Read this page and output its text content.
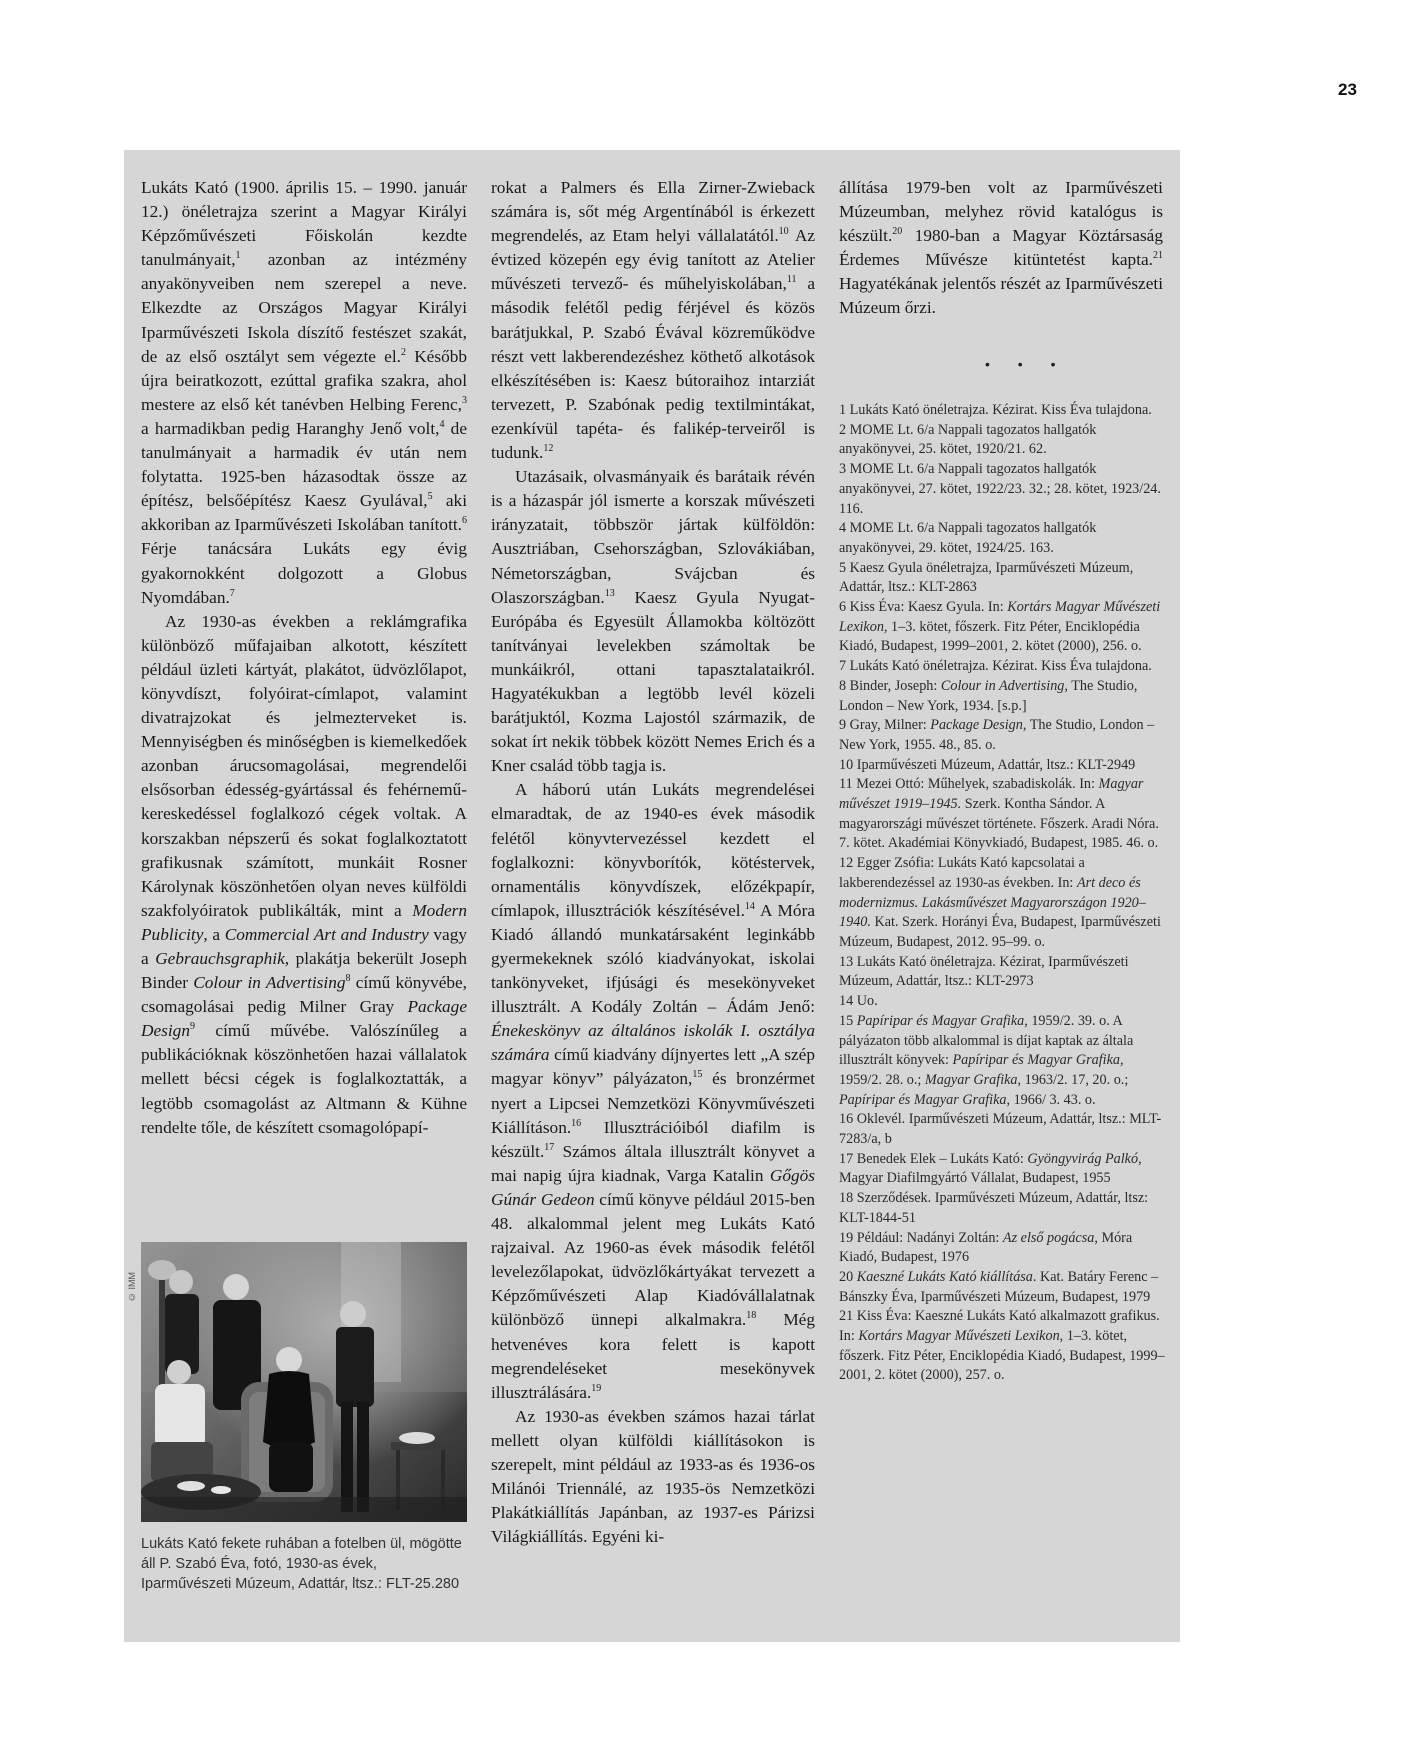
23

Lukáts Kató (1900. április 15. – 1990. január 12.) önéletrajza szerint a Magyar Királyi Képzőművészeti Főiskolán kezdte tanulmányait,$^1$ azonban az intézmény anyakönyveiben nem szerepel a neve. Elkezdte az Országos Magyar Királyi Iparművészeti Iskola díszítő festészet szakát, de az első osztályt sem végezte el.$^2$ Később újra beiratkozott, ezúttal grafika szakra, ahol mestere az első két tanévben Helbing Ferenc,$^3$ a harmadikban pedig Haranghy Jenő volt,$^4$ de tanulmányait a harmadik év után nem folytatta. 1925-ben házasodtak össze az építész, belsőépítész Kaesz Gyulával,$^5$ aki akkoriban az Iparművészeti Iskolában tanított.$^6$ Férje tanácsára Lukáts egy évig gyakornokként dolgozott a Globus Nyomdában.$^7$

Az 1930-as években a reklámgrafika különböző műfajaiban alkotott, készített például üzleti kártyát, plakátot, üdvözlőlapot, könyvdíszt, folyóirat-címlapot, valamint divatrajzokat és jelmezterveket is. Mennyiségben és minőségben is kiemelkedőek azonban árucsomagolásai, megrendelői elsősorban édesség-gyártással és fehérnemű-kereskedéssel foglalkozó cégek voltak. A korszakban népszerű és sokat foglalkoztatott grafikusnak számított, munkáit Rosner Károlynak köszönhetően olyan neves külföldi szakfolyóiratok publikálták, mint a Modern Publicity, a Commercial Art and Industry vagy a Gebrauchsgraphik, plakátja bekerült Joseph Binder Colour in Advertising$^8$ című könyvébe, csomagolásai pedig Milner Gray Package Design$^9$ című művébe. Valószínűleg a publikációknak köszönhetően hazai vállalatok mellett bécsi cégek is foglalkoztatták, a legtöbb csomagolást az Altmann & Kühne rendelte tőle, de készített csomagolópapí-

rokat a Palmers és Ella Zirner-Zwieback számára is, sőt még Argentínából is érkezett megrendelés, az Etam helyi vállalatától.$^{10}$ Az évtized közepén egy évig tanított az Atelier művészeti tervező- és műhelyiskolában,$^{11}$ a második felétől pedig férjével és közös barátjukkal, P. Szabó Évával közreműködve részt vett lakberendezéshez köthető alkotások elkészítésében is: Kaesz bútoraihoz intarziát tervezett, P. Szabónak pedig textilmintákat, ezenkívül tapéta- és falikép-terveiről is tudunk.$^{12}$

Utazásaik, olvasmányaik és barátaik révén is a házaspár jól ismerte a korszak művészeti irányzatait, többször jártak külföldön: Ausztriában, Csehországban, Szlovákiában, Németországban, Svájcban és Olaszországban.$^{13}$ Kaesz Gyula Nyugat-Európába és Egyesült Államokba költözött tanítványai levelekben számoltak be munkáikról, ottani tapasztalataikról. Hagyatékukban a legtöbb levél közeli barátjuktól, Kozma Lajostól származik, de sokat írt nekik többek között Nemes Erich és a Kner család több tagja is.

A háború után Lukáts megrendelései elmaradtak, de az 1940-es évek második felétől könyvtervezéssel kezdett el foglalkozni: könyvborítók, kötéstervek, ornamentális könyvdíszek, előzékpapír, címlapok, illusztrációk készítésével.$^{14}$ A Móra Kiadó állandó munkatársaként leginkább gyermekeknek szóló kiadványokat, iskolai tankönyveket, ifjúsági és mesekönyveket illusztrált. A Kodály Zoltán – Ádám Jenő: Énekeskönyv az általános iskolák I. osztálya számára című kiadvány díjnyertes lett „A szép magyar könyv” pályázaton,$^{15}$ és bronzérmet nyert a Lipcsei Nemzetközi Könyvművészeti Kiállításon.$^{16}$ Illusztrációiból diafilm is készült.$^{17}$ Számos általa illusztrált könyvet a mai napig újra kiadnak, Varga Katalin Gőgös Gúnár Gedeon című könyve például 2015-ben 48. alkalommal jelent meg Lukáts Kató rajzaival. Az 1960-as évek második felétől levelezőlapokat, üdvözlőkártyákat tervezett a Képzőművészeti Alap Kiadóvállalatnak különböző ünnepi alkalmakra.$^{18}$ Még hetvenéves kora felett is kapott megrendeléseket mesekönyvek illusztrálására.$^{19}$

Az 1930-as években számos hazai tárlat mellett olyan külföldi kiállításokon is szerepelt, mint például az 1933-as és 1936-os Milánói Triennálé, az 1935-ös Nemzetközi Plakátkiállítás Japánban, az 1937-es Párizsi Világkiállítás. Egyéni ki-

állítása 1979-ben volt az Iparművészeti Múzeumban, melyhez rövid katalógus is készült.$^{20}$ 1980-ban a Magyar Köztársaság Érdemes Művésze kitüntetést kapta.$^{21}$ Hagyatékának jelentős részét az Iparművészeti Múzeum őrzi.

• • •
1 Lukáts Kató önéletrajza. Kézirat. Kiss Éva tulajdona.
2 MOME Lt. 6/a Nappali tagozatos hallgatók anyakönyvei, 25. kötet, 1920/21. 62.
3 MOME Lt. 6/a Nappali tagozatos hallgatók anyakönyvei, 27. kötet, 1922/23. 32.; 28. kötet, 1923/24. 116.
4 MOME Lt. 6/a Nappali tagozatos hallgatók anyakönyvei, 29. kötet, 1924/25. 163.
5 Kaesz Gyula önéletrajza, Iparművészeti Múzeum, Adattár, ltsz.: KLT-2863
6 Kiss Éva: Kaesz Gyula. In: Kortárs Magyar Művészeti Lexikon, 1–3. kötet, főszerk. Fitz Péter, Enciklopédia Kiadó, Budapest, 1999–2001, 2. kötet (2000), 256. o.
7 Lukáts Kató önéletrajza. Kézirat. Kiss Éva tulajdona.
8 Binder, Joseph: Colour in Advertising, The Studio, London – New York, 1934. [s.p.]
9 Gray, Milner: Package Design, The Studio, London – New York, 1955. 48., 85. o.
10 Iparművészeti Múzeum, Adattár, ltsz.: KLT-2949
11 Mezei Ottó: Műhelyek, szabadiskolák. In: Magyar művészet 1919–1945. Szerk. Kontha Sándor. A magyarországi művészet története. Főszerk. Aradi Nóra. 7. kötet. Akadémiai Könyvkiadó, Budapest, 1985. 46. o.
12 Egger Zsófia: Lukáts Kató kapcsolatai a lakberendezéssel az 1930-as években. In: Art deco és modernizmus. Lakásművészet Magyarországon 1920–1940. Kat. Szerk. Horányi Éva, Budapest, Iparművészeti Múzeum, Budapest, 2012. 95–99. o.
13 Lukáts Kató önéletrajza. Kézirat, Iparművészeti Múzeum, Adattár, ltsz.: KLT-2973
14 Uo.
15 Papíripar és Magyar Grafika, 1959/2. 39. o. A pályázaton több alkalommal is díjat kaptak az általa illusztrált könyvek: Papíripar és Magyar Grafika, 1959/2. 28. o.; Magyar Grafika, 1963/2. 17, 20. o.; Papíripar és Magyar Grafika, 1966/ 3. 43. o.
16 Oklevél. Iparművészeti Múzeum, Adattár, ltsz.: MLT-7283/a, b
17 Benedek Elek – Lukáts Kató: Gyöngyvirág Palkó, Magyar Diafilmgyártó Vállalat, Budapest, 1955
18 Szerződések. Iparművészeti Múzeum, Adattár, ltsz: KLT-1844-51
19 Például: Nadányi Zoltán: Az első pogácsa, Móra Kiadó, Budapest, 1976
20 Kaeszné Lukáts Kató kiállítása. Kat. Batáry Ferenc – Bánszky Éva, Iparművészeti Múzeum, Budapest, 1979
21 Kiss Éva: Kaeszné Lukáts Kató alkalmazott grafikus. In: Kortárs Magyar Művészeti Lexikon, 1–3. kötet, főszerk. Fitz Péter, Enciklopédia Kiadó, Budapest, 1999–2001, 2. kötet (2000), 257. o.
© IMM
Lukáts Kató fekete ruhában a fotelben ül, mögötte áll P. Szabó Éva, fotó, 1930-as évek, Iparművészeti Múzeum, Adattár, ltsz.: FLT-25.280
